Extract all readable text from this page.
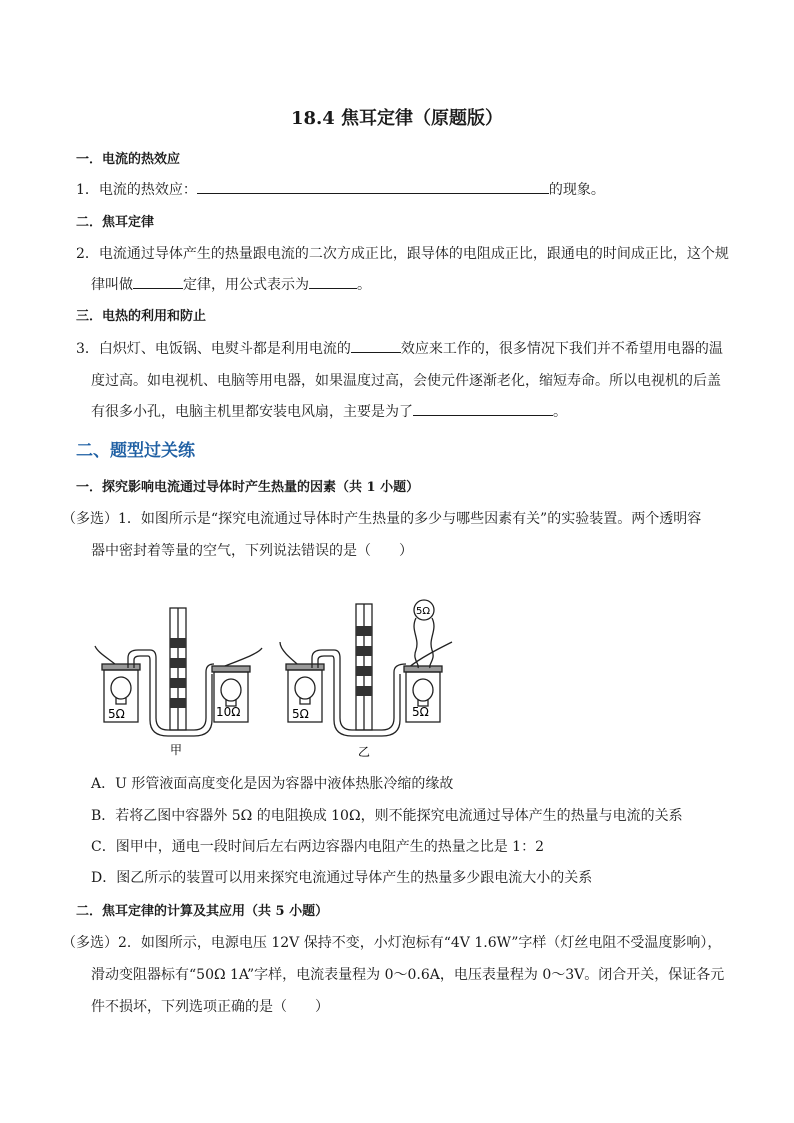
18.4 焦耳定律（原题版）
一．电流的热效应
1．电流的热效应：	的现象。
二．焦耳定律
2．电流通过导体产生的热量跟电流的二次方成正比，跟导体的电阻成正比，跟通电的时间成正比，这个规
律叫做	定律，用公式表示为	。
三．电热的利用和防止
3．白炽灯、电饭锅、电熨斗都是利用电流的	效应来工作的，很多情况下我们并不希望用电器的温
度过高。如电视机、电脑等用电器，如果温度过高，会使元件逐渐老化，缩短寿命。所以电视机的后盖
有很多小孔，电脑主机里都安装电风扇，主要是为了	。
二、题型过关练
一．探究影响电流通过导体时产生热量的因素（共 1 小题）
（多选）1．如图所示是“探究电流通过导体时产生热量的多少与哪些因素有关”的实验装置。两个透明容
器中密封着等量的空气，下列说法错误的是（　　）
5Ω	10Ω
甲
5Ω	5Ω
5Ω
乙
A．U 形管液面高度变化是因为容器中液体热胀冷缩的缘故
B．若将乙图中容器外 5Ω 的电阻换成 10Ω，则不能探究电流通过导体产生的热量与电流的关系
C．图甲中，通电一段时间后左右两边容器内电阻产生的热量之比是 1：2
D．图乙所示的装置可以用来探究电流通过导体产生的热量多少跟电流大小的关系
二．焦耳定律的计算及其应用（共 5 小题）
（多选）2．如图所示，电源电压 12V 保持不变，小灯泡标有“4V 1.6W”字样（灯丝电阻不受温度影响），
滑动变阻器标有“50Ω 1A”字样，电流表量程为 0～0.6A，电压表量程为 0～3V。闭合开关，保证各元
件不损坏，下列选项正确的是（　　）
